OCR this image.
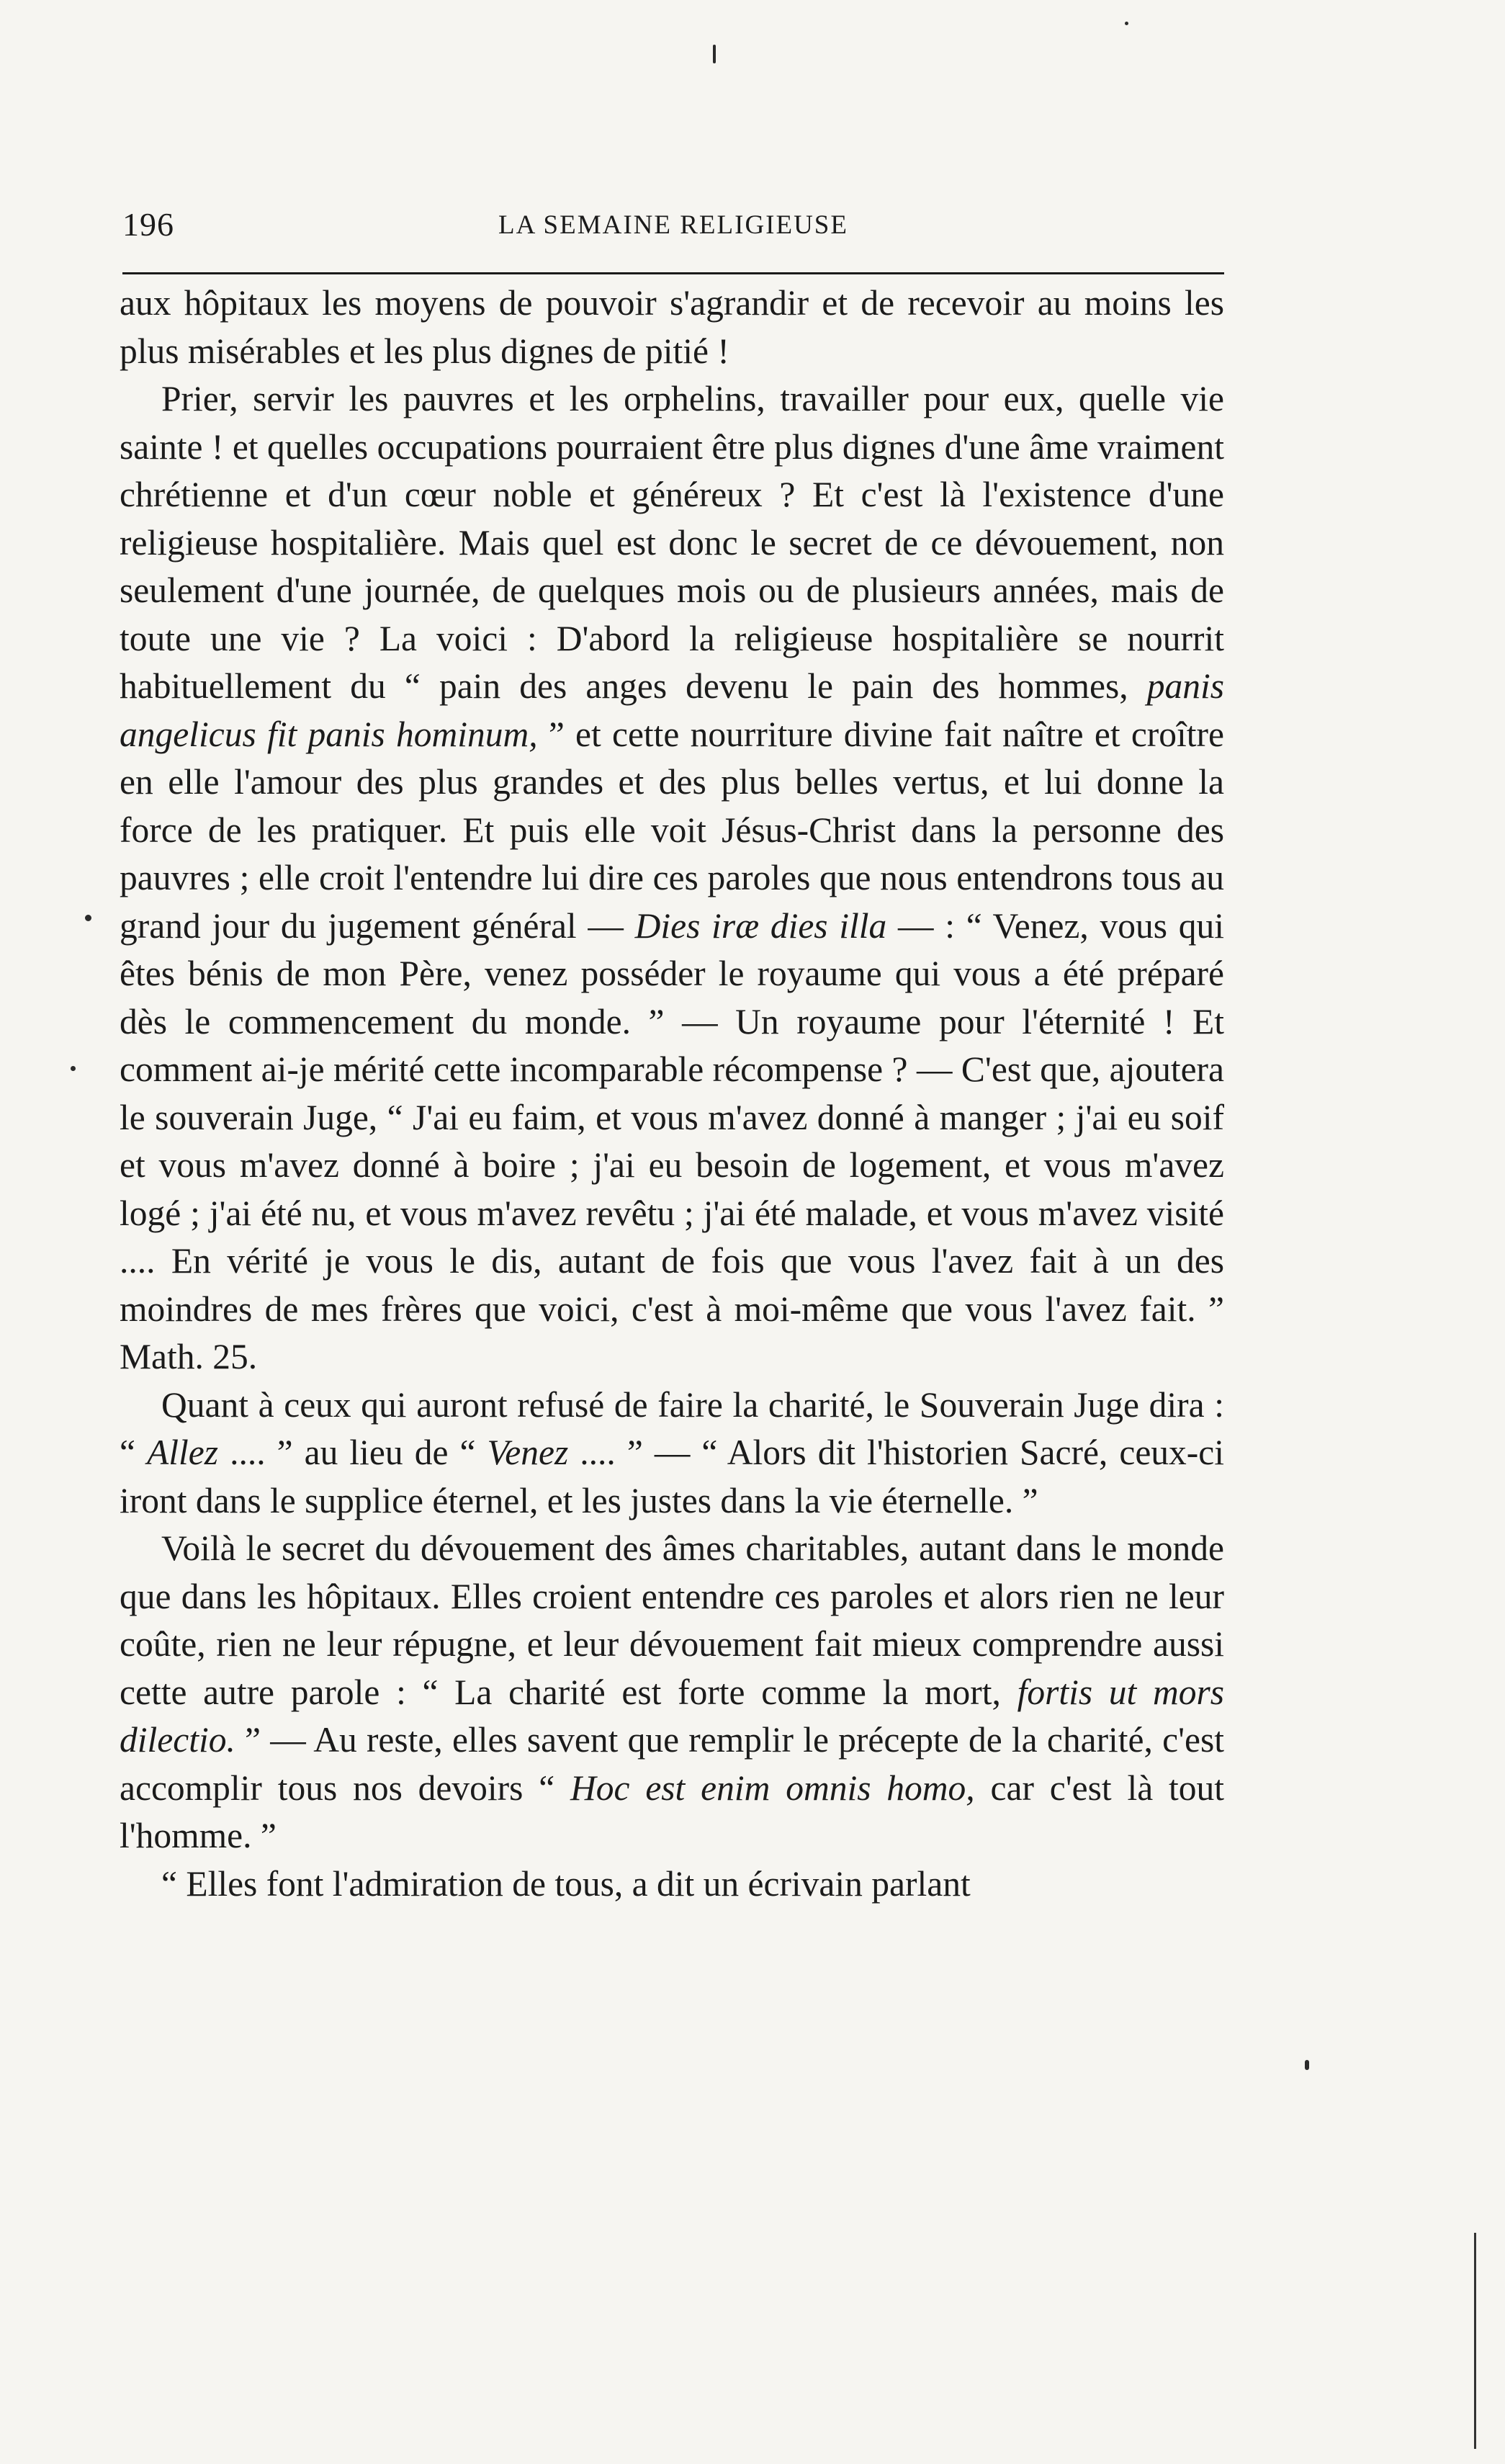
196	LA SEMAINE RELIGIEUSE

aux hôpitaux les moyens de pouvoir s'agrandir et de recevoir au moins les plus misérables et les plus dignes de pitié !

Prier, servir les pauvres et les orphelins, travailler pour eux, quelle vie sainte ! et quelles occupations pourraient être plus dignes d'une âme vraiment chrétienne et d'un cœur noble et généreux ? Et c'est là l'existence d'une religieuse hospitalière. Mais quel est donc le secret de ce dévouement, non seulement d'une journée, de quelques mois ou de plusieurs années, mais de toute une vie ? La voici : D'abord la religieuse hospitalière se nourrit habituellement du “ pain des anges devenu le pain des hommes, panis angelicus fit panis hominum, ” et cette nourriture divine fait naître et croître en elle l'amour des plus grandes et des plus belles vertus, et lui donne la force de les pratiquer. Et puis elle voit Jésus-Christ dans la personne des pauvres ; elle croit l'entendre lui dire ces paroles que nous entendrons tous au grand jour du jugement général — Dies iræ dies illa — : “ Venez, vous qui êtes bénis de mon Père, venez posséder le royaume qui vous a été préparé dès le commencement du monde. ” — Un royaume pour l'éternité ! Et comment ai-je mérité cette incomparable récompense ? — C'est que, ajoutera le souverain Juge, “ J'ai eu faim, et vous m'avez donné à manger ; j'ai eu soif et vous m'avez donné à boire ; j'ai eu besoin de logement, et vous m'avez logé ; j'ai été nu, et vous m'avez revêtu ; j'ai été malade, et vous m'avez visité .... En vérité je vous le dis, autant de fois que vous l'avez fait à un des moindres de mes frères que voici, c'est à moi-même que vous l'avez fait. ” Math. 25.

Quant à ceux qui auront refusé de faire la charité, le Souverain Juge dira : “ Allez .... ” au lieu de “ Venez .... ” — “ Alors dit l'historien Sacré, ceux-ci iront dans le supplice éternel, et les justes dans la vie éternelle. ”

Voilà le secret du dévouement des âmes charitables, autant dans le monde que dans les hôpitaux. Elles croient entendre ces paroles et alors rien ne leur coûte, rien ne leur répugne, et leur dévouement fait mieux comprendre aussi cette autre parole : “ La charité est forte comme la mort, fortis ut mors dilectio. ” — Au reste, elles savent que remplir le précepte de la charité, c'est accomplir tous nos devoirs “ Hoc est enim omnis homo, car c'est là tout l'homme. ”

“ Elles font l'admiration de tous, a dit un écrivain parlant
